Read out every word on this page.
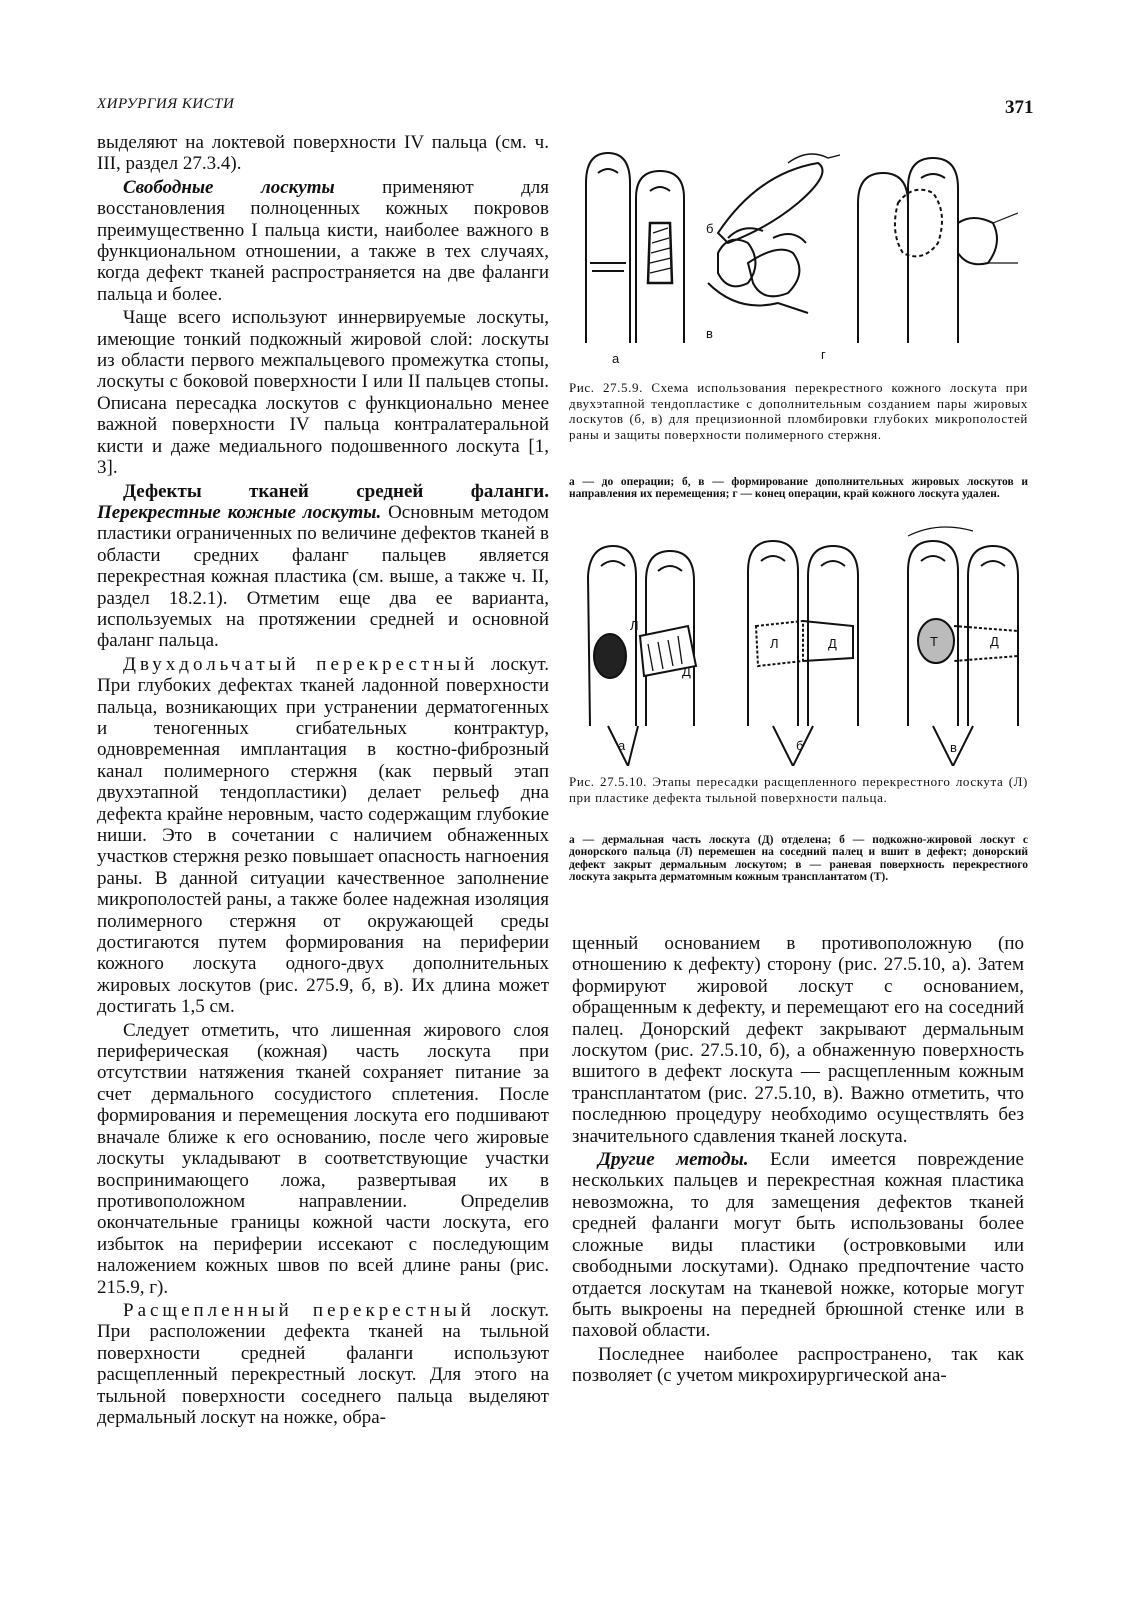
ХИРУРГИЯ КИСТИ	371

выделяют на локтевой поверхности IV пальца (см. ч. III, раздел 27.3.4).

Свободные лоскуты применяют для восстановления полноценных кожных покровов преимущественно I пальца кисти, наиболее важного в функциональном отношении, а также в тех случаях, когда дефект тканей распространяется на две фаланги пальца и более.

Чаще всего используют иннервируемые лоскуты, имеющие тонкий подкожный жировой слой: лоскуты из области первого межпальцевого промежутка стопы, лоскуты с боковой поверхности I или II пальцев стопы. Описана пересадка лоскутов с функционально менее важной поверхности IV пальца контралатеральной кисти и даже медиального подошвенного лоскута [1, 3].

Дефекты тканей средней фаланги. Перекрестные кожные лоскуты. Основным методом пластики ограниченных по величине дефектов тканей в области средних фаланг пальцев является перекрестная кожная пластика (см. выше, а также ч. II, раздел 18.2.1). Отметим еще два ее варианта, используемых на протяжении средней и основной фаланг пальца.

Двухдольчатый перекрестный лоскут. При глубоких дефектах тканей ладонной поверхности пальца, возникающих при устранении дерматогенных и теногенных сгибательных контрактур, одновременная имплантация в костно-фиброзный канал полимерного стержня (как первый этап двухэтапной тендопластики) делает рельеф дна дефекта крайне неровным, часто содержащим глубокие ниши. Это в сочетании с наличием обнаженных участков стержня резко повышает опасность нагноения раны. В данной ситуации качественное заполнение микрополостей раны, а также более надежная изоляция полимерного стержня от окружающей среды достигаются путем формирования на периферии кожного лоскута одного-двух дополнительных жировых лоскутов (рис. 275.9, б, в). Их длина может достигать 1,5 см.

Следует отметить, что лишенная жирового слоя периферическая (кожная) часть лоскута при отсутствии натяжения тканей сохраняет питание за счет дермального сосудистого сплетения. После формирования и перемещения лоскута его подшивают вначале ближе к его основанию, после чего жировые лоскуты укладывают в соответствующие участки воспринимающего ложа, развертывая их в противоположном направлении. Определив окончательные границы кожной части лоскута, его избыток на периферии иссекают с последующим наложением кожных швов по всей длине раны (рис. 215.9, г).

Расщепленный перекрестный лоскут. При расположении дефекта тканей на тыльной поверхности средней фаланги используют расщепленный перекрестный лоскут. Для этого на тыльной поверхности соседнего пальца выделяют дермальный лоскут на ножке, обра-

а
б
в
г
Рис. 27.5.9. Схема использования перекрестного кожного лоскута при двухэтапной тендопластике с дополнительным созданием пары жировых лоскутов (б, в) для прецизионной пломбировки глубоких микрополостей раны и защиты поверхности полимерного стержня.
а — до операции; б, в — формирование дополнительных жировых лоскутов и направления их перемещения; г — конец операции, край кожного лоскута удален.
Л
Д
Л	Д	Т	Д
а	б	в
Рис. 27.5.10. Этапы пересадки расщепленного перекрестного лоскута (Л) при пластике дефекта тыльной поверхности пальца.
а — дермальная часть лоскута (Д) отделена; б — подкожно-жировой лоскут с донорского пальца (Л) перемешен на соседний палец и вшит в дефект; донорский дефект закрыт дермальным лоскутом; в — раневая поверхность перекрестного лоскута закрыта дерматомным кожным трансплантатом (Т).

щенный основанием в противоположную (по отношению к дефекту) сторону (рис. 27.5.10, а). Затем формируют жировой лоскут с основанием, обращенным к дефекту, и перемещают его на соседний палец. Донорский дефект закрывают дермальным лоскутом (рис. 27.5.10, б), а обнаженную поверхность вшитого в дефект лоскута — расщепленным кожным трансплантатом (рис. 27.5.10, в). Важно отметить, что последнюю процедуру необходимо осуществлять без значительного сдавления тканей лоскута.

Другие методы. Если имеется повреждение нескольких пальцев и перекрестная кожная пластика невозможна, то для замещения дефектов тканей средней фаланги могут быть использованы более сложные виды пластики (островковыми или свободными лоскутами). Однако предпочтение часто отдается лоскутам на тканевой ножке, которые могут быть выкроены на передней брюшной стенке или в паховой области.

Последнее наиболее распространено, так как позволяет (с учетом микрохирургической ана-
